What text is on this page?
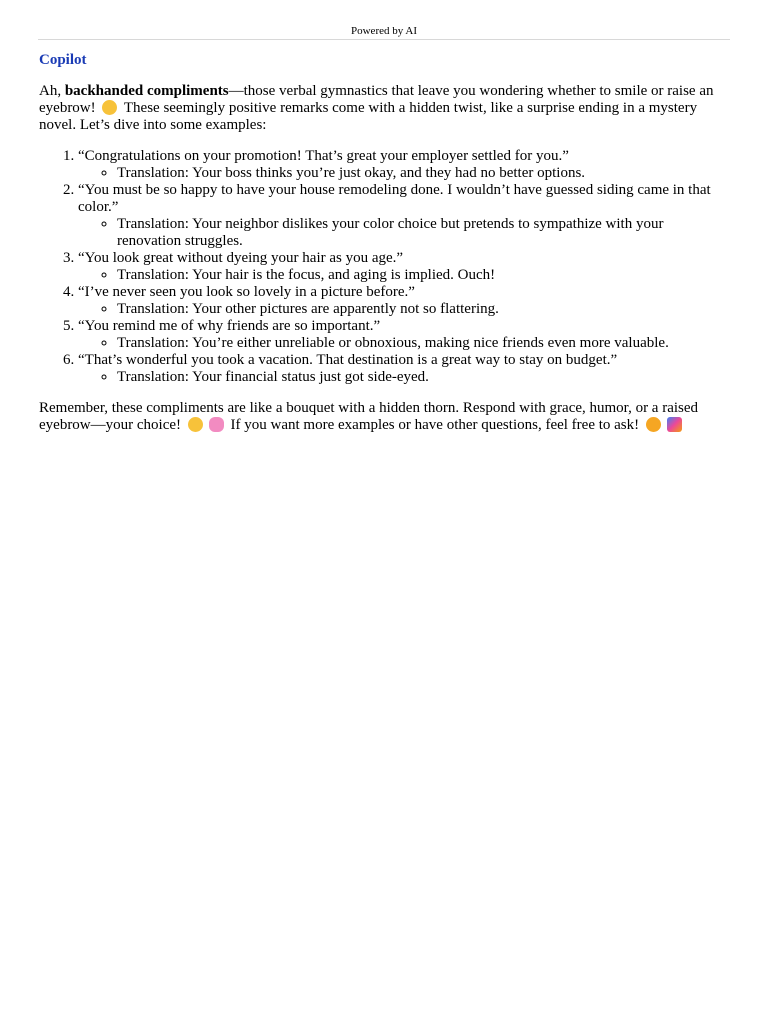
Powered by AI
Copilot

Ah, backhanded compliments—those verbal gymnastics that leave you wondering whether to smile or raise an eyebrow! These seemingly positive remarks come with a hidden twist, like a surprise ending in a mystery novel. Let’s dive into some examples:

1. “Congratulations on your promotion! That’s great your employer settled for you.”
◦ Translation: Your boss thinks you’re just okay, and they had no better options.
2. “You must be so happy to have your house remodeling done. I wouldn’t have guessed siding came in that color.”
◦ Translation: Your neighbor dislikes your color choice but pretends to sympathize with your renovation struggles.
3. “You look great without dyeing your hair as you age.”
◦ Translation: Your hair is the focus, and aging is implied. Ouch!
4. “I’ve never seen you look so lovely in a picture before.”
◦ Translation: Your other pictures are apparently not so flattering.
5. “You remind me of why friends are so important.”
◦ Translation: You’re either unreliable or obnoxious, making nice friends even more valuable.
6. “That’s wonderful you took a vacation. That destination is a great way to stay on budget.”
◦ Translation: Your financial status just got side-eyed.

Remember, these compliments are like a bouquet with a hidden thorn. Respond with grace, humor, or a raised eyebrow—your choice!	If you want more examples or have other questions, feel free to ask!
